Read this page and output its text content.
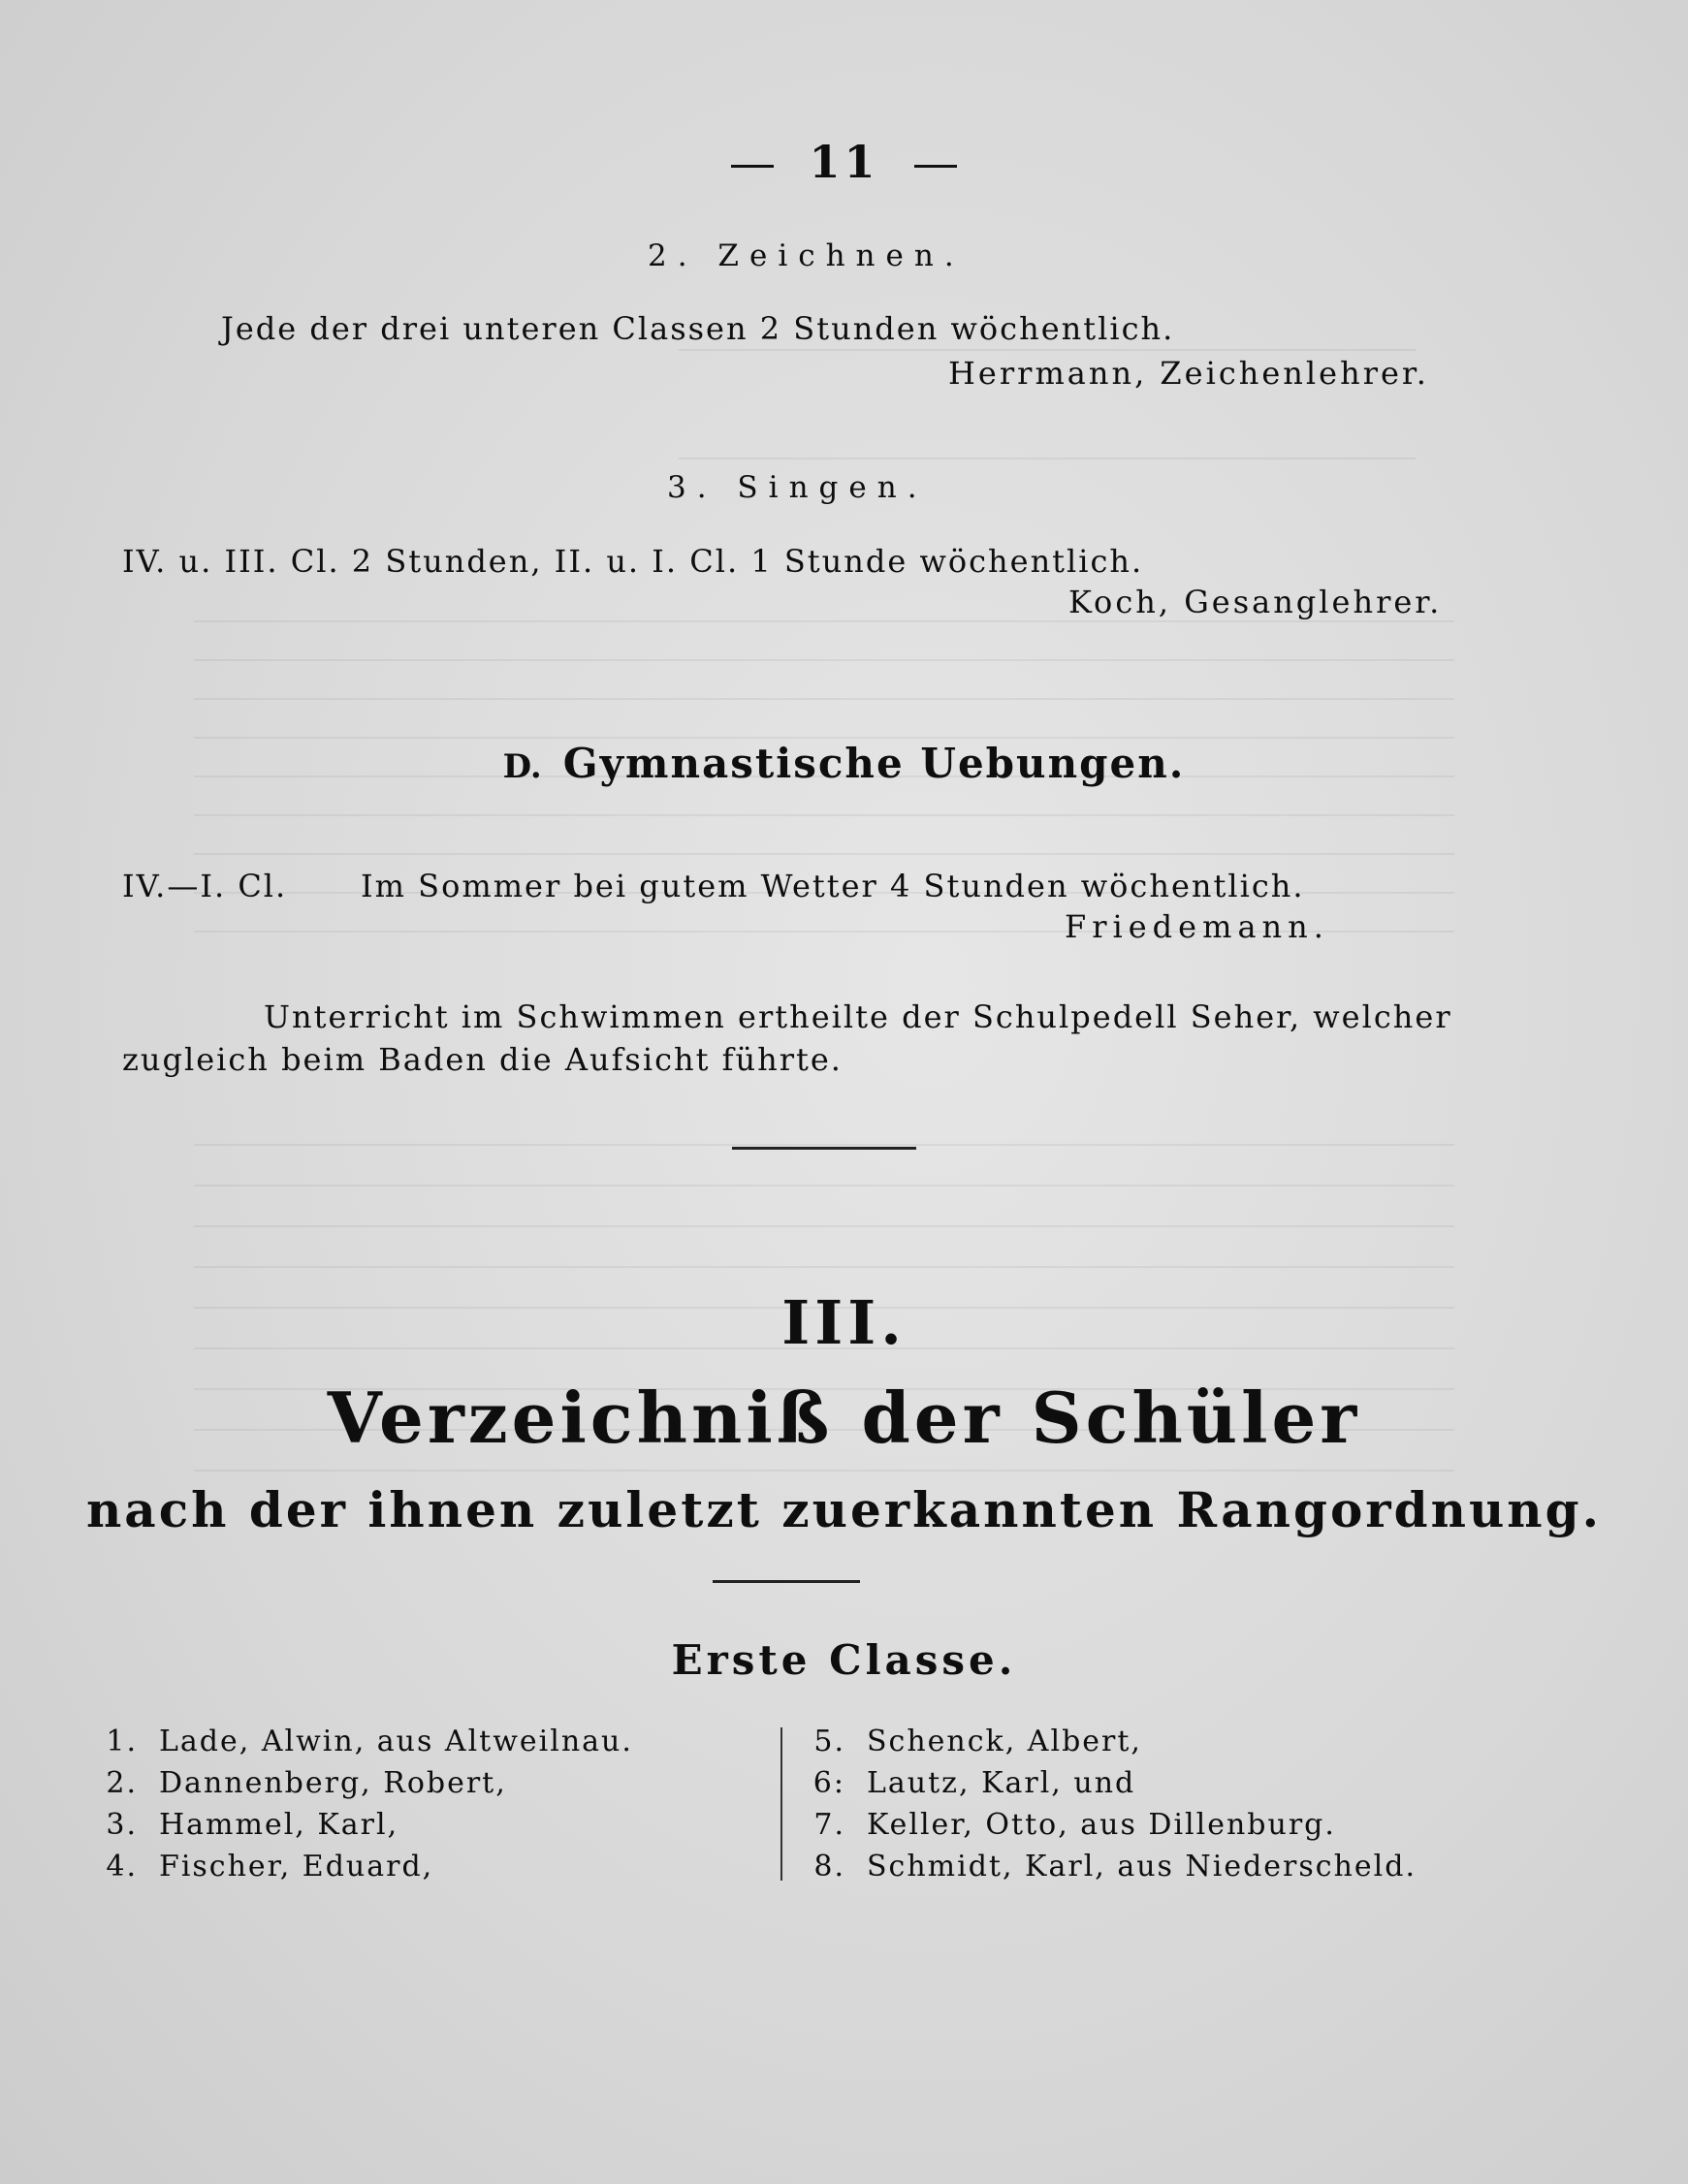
11
2. Zeichnen.
Jede der drei unteren Classen 2 Stunden wöchentlich.
Herrmann, Zeichenlehrer.
3. Singen.
IV. u. III. Cl. 2 Stunden, II. u. I. Cl. 1 Stunde wöchentlich.
Koch, Gesanglehrer.
D. Gymnastische Uebungen.
IV.—I. Cl. Im Sommer bei gutem Wetter 4 Stunden wöchentlich.
Friedemann.
Unterricht im Schwimmen ertheilte der Schulpedell Seher, welcher
zugleich beim Baden die Aufsicht führte.
III.
Verzeichniß der Schüler
nach der ihnen zuletzt zuerkannten Rangordnung.
Erste Classe.
1. Lade, Alwin, aus Altweilnau.
2. Dannenberg, Robert,
3. Hammel, Karl,
4. Fischer, Eduard,
5. Schenck, Albert,
6: Lautz, Karl, und
7. Keller, Otto, aus Dillenburg.
8. Schmidt, Karl, aus Niederscheld.
